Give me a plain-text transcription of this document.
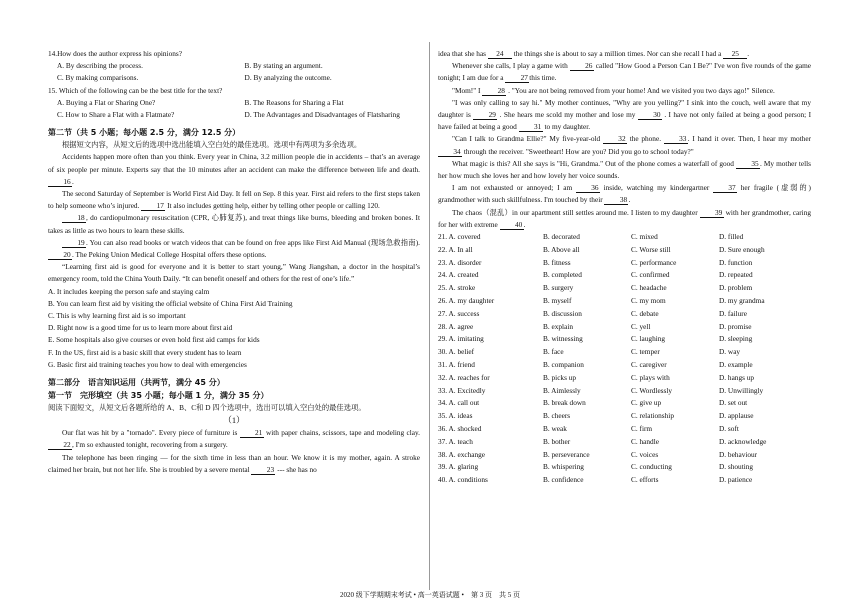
14.How does the author express his opinions?

A. By describing the process.	B. By stating an argument.
C. By making comparisons.	D. By analyzing the outcome.

15. Which of the following can be the best title for the text?

A. Buying a Flat or Sharing One?	B. The Reasons for Sharing a Flat
C. How to Share a Flat with a Flatmate?	D. The Advantages and Disadvantages of Flatsharing

第二节（共 5 小题；每小题 2.5 分，满分 12.5 分）

根据短文内容，从短文后的选项中选出能填入空白处的最佳选项。选项中有两项为多余选项。

Accidents happen more often than you think. Every year in China, 3.2 million people die in accidents – that’s an average of six people per minute. Experts say that the 10 minutes after an accident can make the difference between life and death. 16.

The second Saturday of September is World First Aid Day. It fell on Sep. 8 this year. First aid refers to the first steps taken to help someone who’s injured. 17 It also includes getting help, either by telling other people or calling 120.

18, do cardiopulmonary resuscitation (CPR, 心肺复苏), and treat things like burns, bleeding and broken bones. It takes as little as two hours to learn these skills.

19. You can also read books or watch videos that can be found on free apps like First Aid Manual (现场急救指南). 20. The Peking Union Medical College Hospital offers these options.

“Learning first aid is good for everyone and it is better to start young,” Wang Jiangshan, a doctor in the hospital’s emergency room, told the China Youth Daily. “It can benefit oneself and others for the rest of one’s life.”

A. It includes keeping the person safe and staying calm

B. You can learn first aid by visiting the official website of China First Aid Training

C. This is why learning first aid is so important

D. Right now is a good time for us to learn more about first aid

E. Some hospitals also give courses or even hold first aid camps for kids

F. In the US, first aid is a basic skill that every student has to learn

G. Basic first aid training teaches you how to deal with emergencies

第二部分　语言知识运用（共两节，满分 45 分）

第一节　完形填空（共 35 小题；每小题 1 分，满分 35 分）

阅读下面短文，从短文后各题所给的 A、B、C和 D 四个选项中，选出可以填入空白处的最佳选项。

（1）

Our flat was hit by a "tornado". Every piece of furniture is 21 with paper chains, scissors, tape and modeling clay. 22, I'm so exhausted tonight, recovering from a surgery.

The telephone has been ringing — for the sixth time in less than an hour. We know it is my mother, again. A stroke claimed her brain, but not her life. She is troubled by a severe mental 23 --- she has no

idea that she has 24 the things she is about to say a million times. Nor can she recall I had a 25 .

Whenever she calls, I play a game with 26 called "How Good a Person Can I Be?" I've won five rounds of the game tonight; I am due for a 27this time.

"Mom!" I 28 . "You are not being removed from your home! And we visited you two days ago!" Silence.

"I was only calling to say hi." My mother continues, "Why are you yelling?" I sink into the couch, well aware that my daughter is 29 . She hears me scold my mother and lose my 30 . I have not only failed at being a good person; I have failed at being a good 31 to my daughter.

"Can I talk to Grandma Ellie?" My five-year-old 32 the phone. 33. I hand it over. Then, I hear my mother 34 through the receiver. "Sweetheart! How are you? Did you go to school today?"

What magic is this? All she says is "Hi, Grandma." Out of the phone comes a waterfall of good 35. My mother tells her how much she loves her and how lovely her voice sounds.

I am not exhausted or annoyed; I am	36 inside, watching my kindergartner	37 her fragile (虚弱的) grandmother with such skillfulness. I'm touched by their 38.

The chaos（混乱）in our apartment still settles around me. I listen to my daughter 39 with her grandmother, caring for her with extreme 40.

21. A. covered	B. decorated	C. mixed	D. filled
22. A. In all	B. Above all	C. Worse still	D. Sure enough
23. A. disorder	B. fitness	C. performance	D. function
24. A. created	B. completed	C. confirmed	D. repeated
25. A. stroke	B. surgery	C. headache	D. problem
26. A. my daughter	B. myself	C. my mom	D. my grandma
27. A. success	B. discussion	C. debate	D. failure
28. A. agree	B. explain	C. yell	D. promise
29. A. imitating	B. witnessing	C. laughing	D. sleeping
30. A. belief	B. face	C. temper	D. way
31. A. friend	B. companion	C. caregiver	D. example
32. A. reaches for	B. picks up	C. plays with	D. hangs up
33. A. Excitedly	B. Aimlessly	C. Wordlessly	D. Unwillingly
34. A. call out	B. break down	C. give up	D. set out
35. A. ideas	B. cheers	C. relationship	D. applause
36. A. shocked	B. weak	C. firm	D. soft
37. A. teach	B. bother	C. handle	D. acknowledge
38. A. exchange	B. perseverance	C. voices	D. behaviour
39. A. glaring	B. whispering	C. conducting	D. shouting
40. A. conditions	B. confidence	C. efforts	D. patience
2020 级下学期期末考试 • 高一英语试题 •　第 3 页　共 5 页
